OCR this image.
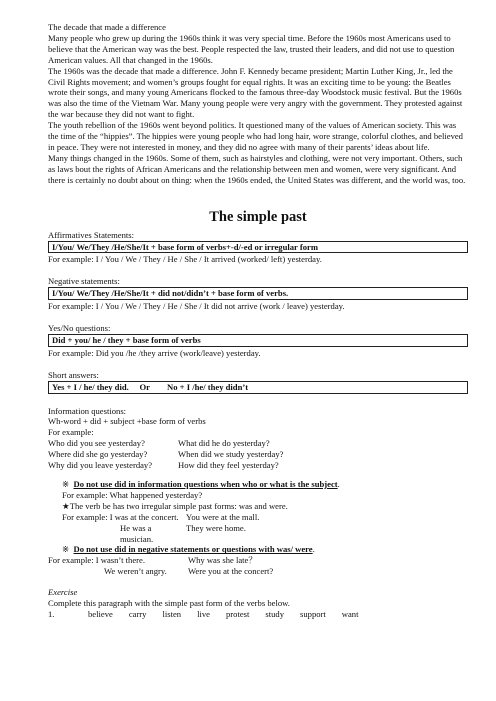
The decade that made a difference

Many people who grew up during the 1960s think it was very special time. Before the 1960s most Americans used to believe that the American way was the best. People respected the law, trusted their leaders, and did not use to question American values. All that changed in the 1960s.

The 1960s was the decade that made a difference. John F. Kennedy became president; Martin Luther King, Jr., led the Civil Rights movement; and women’s groups fought for equal rights. It was an exciting time to be young: the Beatles wrote their songs, and many young Americans flocked to the famous three-day Woodstock music festival. But the 1960s was also the time of the Vietnam War. Many young people were very angry with the government. They protested against the war because they did not want to fight.

The youth rebellion of the 1960s went beyond politics. It questioned many of the values of American society. This was the time of the “hippies”. The hippies were young people who had long hair, wore strange, colorful clothes, and believed in peace. They were not interested in money, and they did no agree with many of their parents’ ideas about life.

Many things changed in the 1960s. Some of them, such as hairstyles and clothing, were not very important. Others, such as laws bout the rights of African Americans and the relationship between men and women, were very significant. And there is certainly no doubt about on thing: when the 1960s ended, the United States was different, and the world was, too.

The simple past

Affirmatives Statements:

I/You/ We/They /He/She/It + base form of verbs+-d/-ed or irregular form

For example: I / You / We / They / He / She / It arrived (worked/ left) yesterday.

Negative statements:

I/You/ We/They /He/She/It + did not/didn’t + base form of verbs.

For example: I / You / We / They / He / She / It did not arrive (work / leave) yesterday.

Yes/No questions:

Did + you/ he / they + base form of verbs

For example: Did you /he /they arrive (work/leave) yesterday.

Short answers:

Yes + I / he/ they did.     Or        No + I /he/ they didn’t

Information questions:

Wh-word + did + subject +base form of verbs

For example:

Who did you see yesterday?	What did he do yesterday?
Where did she go yesterday?	When did we study yesterday?
Why did you leave yesterday?	How did they feel yesterday?

※ Do not use did in information questions when who or what is the subject.

For example: What happened yesterday?

★The verb be has two irregular simple past forms: was and were.

For example: I was at the concert. You were at the mall.
He was a musician.
They were home.

※ Do not use did in negative statements or questions with was/ were.

For example: I wasn’t there.	Why was she late？
We weren’t angry.	Were you at the concert?

Exercise

Complete this paragraph with the simple past form of the verbs below.

1.	believe carry listen live protest study support want
